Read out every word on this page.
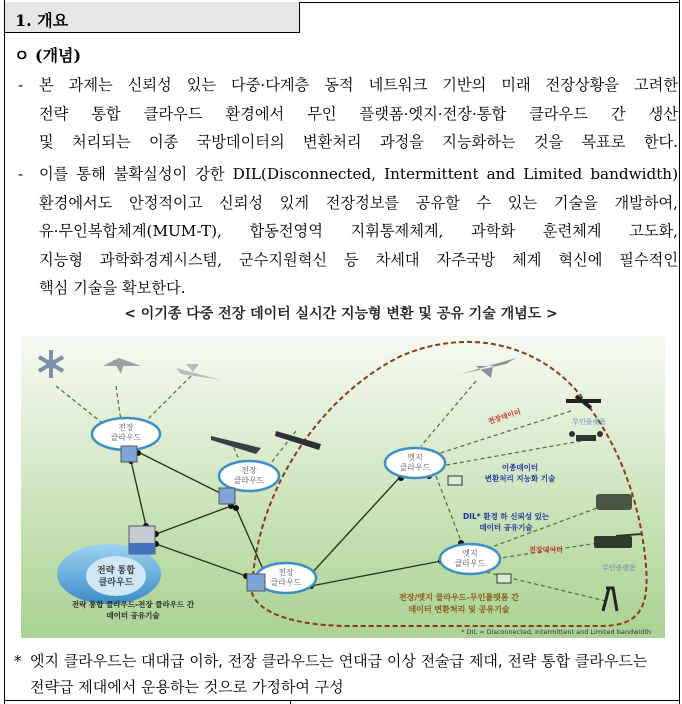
1. 개요
ㅇ (개념)
- 본 과제는 신뢰성 있는 다중·다계층 동적 네트워크 기반의 미래 전장상황을 고려한
전략 통합 클라우드 환경에서 무인 플랫폼·엣지·전장·통합 클라우드 간 생산
및 처리되는 이종 국방데이터의 변환처리 과정을 지능화하는 것을 목표로 한다.
- 이를 통해 불확실성이 강한 DIL(Disconnected, Intermittent and Limited bandwidth)
환경에서도 안정적이고 신뢰성 있게 전장정보를 공유할 수 있는 기술을 개발하여,
유·무인복합체계(MUM-T), 합동전영역 지휘통제체계, 과학화 훈련체계 고도화,
지능형 과학화경계시스템, 군수지원혁신 등 차세대 자주국방 체계 혁신에 필수적인
핵심 기술을 확보한다.
< 이기종 다중 전장 데이터 실시간 지능형 변환 및 공유 기술 개념도 >
전장
클라우드
전장
클라우드
전장
클라우드
전략 통합
클라우드
엣지
클라우드
엣지
클라우드
전장데이터	무인플랫폼
이종데이터
변환처리 지능화 기술
DIL* 환경 하 신뢰성 있는
데이터 공유기술
전장데이터
무인플랫폼
전략 통합 클라우드-전장 클라우드 간
데이터 공유기술
전장/엣지 클라우드-무인플랫폼 간
데이터 변환처리 및 공유기술
* DIL = Disconnected, Intermittent and Limited bandwidth
* 엣지 클라우드는 대대급 이하, 전장 클라우드는 연대급 이상 전술급 제대, 전략 통합 클라우드는
전략급 제대에서 운용하는 것으로 가정하여 구성
